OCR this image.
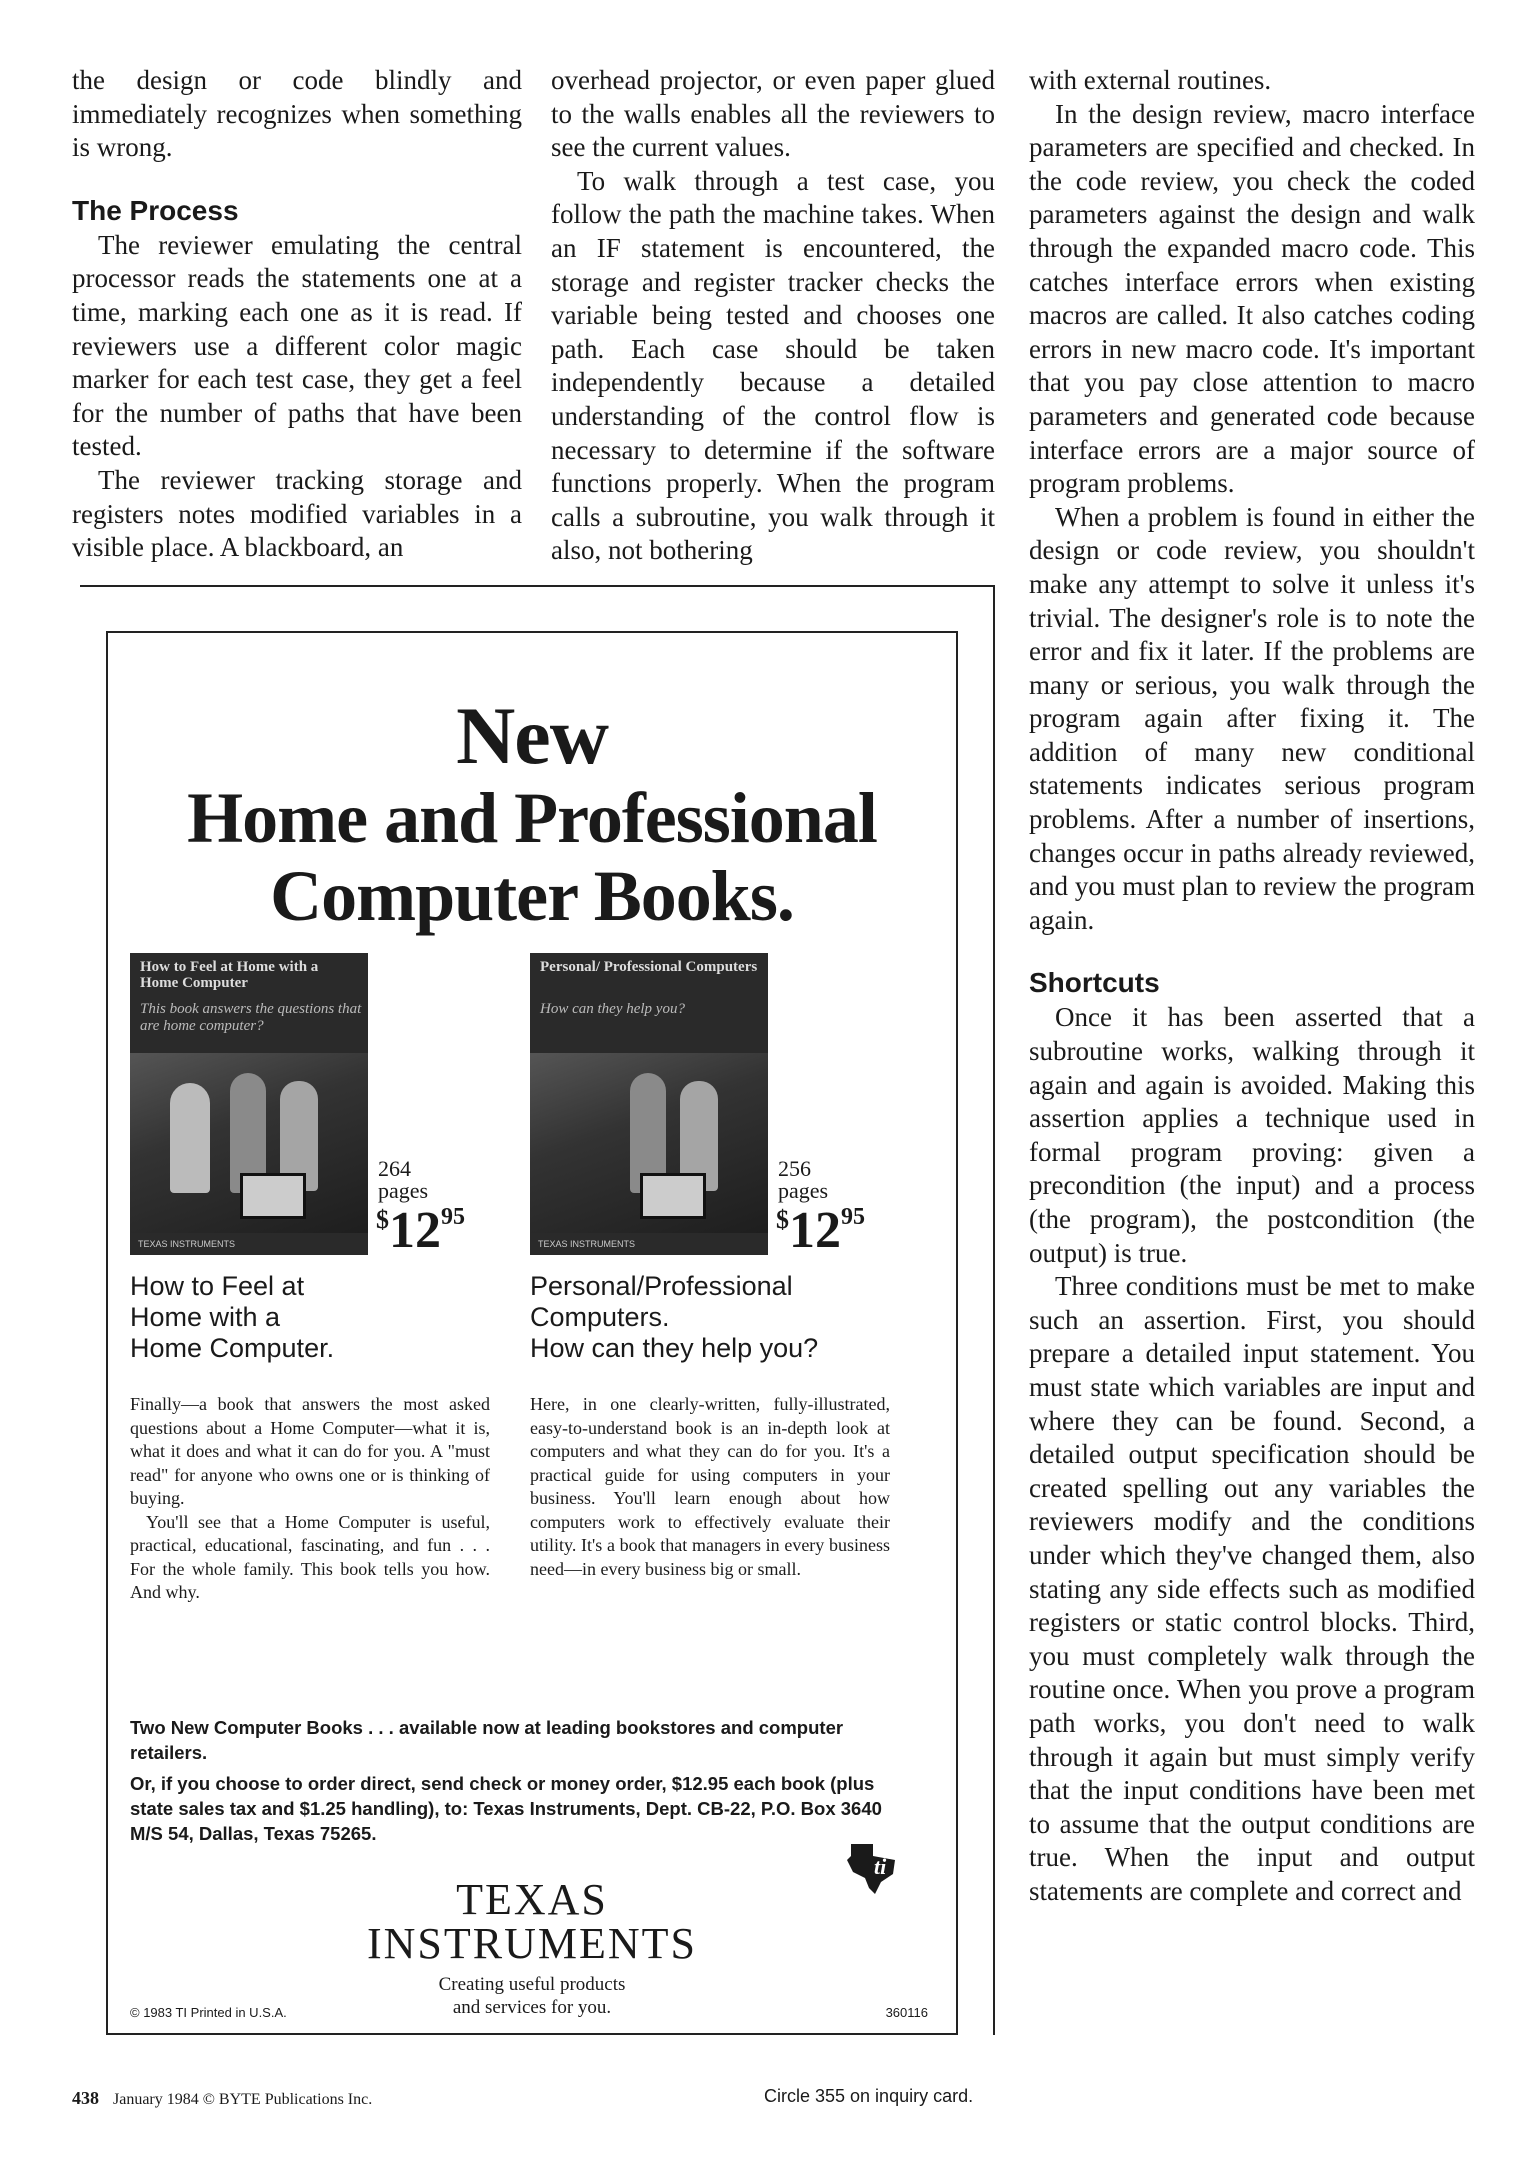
the design or code blindly and immediately recognizes when something is wrong.

The Process

The reviewer emulating the central processor reads the statements one at a time, marking each one as it is read. If reviewers use a different color magic marker for each test case, they get a feel for the number of paths that have been tested.

The reviewer tracking storage and registers notes modified variables in a visible place. A blackboard, an

overhead projector, or even paper glued to the walls enables all the reviewers to see the current values.

To walk through a test case, you follow the path the machine takes. When an IF statement is encountered, the storage and register tracker checks the variable being tested and chooses one path. Each case should be taken independently because a detailed understanding of the control flow is necessary to determine if the software functions properly. When the program calls a subroutine, you walk through it also, not bothering

with external routines.

In the design review, macro interface parameters are specified and checked. In the code review, you check the coded parameters against the design and walk through the expanded macro code. This catches interface errors when existing macros are called. It also catches coding errors in new macro code. It's important that you pay close attention to macro parameters and generated code because interface errors are a major source of program problems.

When a problem is found in either the design or code review, you shouldn't make any attempt to solve it unless it's trivial. The designer's role is to note the error and fix it later. If the problems are many or serious, you walk through the program again after fixing it. The addition of many new conditional statements indicates serious program problems. After a number of insertions, changes occur in paths already reviewed, and you must plan to review the program again.

Shortcuts

Once it has been asserted that a subroutine works, walking through it again and again is avoided. Making this assertion applies a technique used in formal program proving: given a precondition (the input) and a process (the program), the postcondition (the output) is true.

Three conditions must be met to make such an assertion. First, you should prepare a detailed input statement. You must state which variables are input and where they can be found. Second, a detailed output specification should be created spelling out any variables the reviewers modify and the conditions under which they've changed them, also stating any side effects such as modified registers or static control blocks. Third, you must completely walk through the routine once. When you prove a program path works, you don't need to walk through it again but must simply verify that the input conditions have been met to assume that the output conditions are true. When the input and output statements are complete and correct and

New
Home and Professional
Computer Books.
How to Feel at Home with a Home Computer
This book answers the questions that are home computer?
TEXAS INSTRUMENTS
264
pages
$^{\$}12^{95}$
How to Feel at
Home with a
Home Computer.

Finally—a book that answers the most asked questions about a Home Computer—what it is, what it does and what it can do for you. A "must read" for anyone who owns one or is thinking of buying.

You'll see that a Home Computer is useful, practical, educational, fascinating, and fun . . . For the whole family. This book tells you how. And why.

Personal/ Professional Computers
How can they help you?
TEXAS INSTRUMENTS
256
pages
$^{\$}12^{95}$
Personal/Professional
Computers.
How can they help you?

Here, in one clearly-written, fully-illustrated, easy-to-understand book is an in-depth look at computers and what they can do for you. It's a practical guide for using computers in your business. You'll learn enough about how computers work to effectively evaluate their utility. It's a book that managers in every business need—in every business big or small.

Two New Computer Books . . . available now at leading bookstores and computer retailers.

Or, if you choose to order direct, send check or money order, $12.95 each book (plus state sales tax and $1.25 handling), to: Texas Instruments, Dept. CB-22, P.O. Box 3640 M/S 54, Dallas, Texas 75265.

ti
TEXAS
INSTRUMENTS
Creating useful products
and services for you.
© 1983 TI Printed in U.S.A.	360116
438 January 1984 © BYTE Publications Inc.	Circle 355 on inquiry card.
